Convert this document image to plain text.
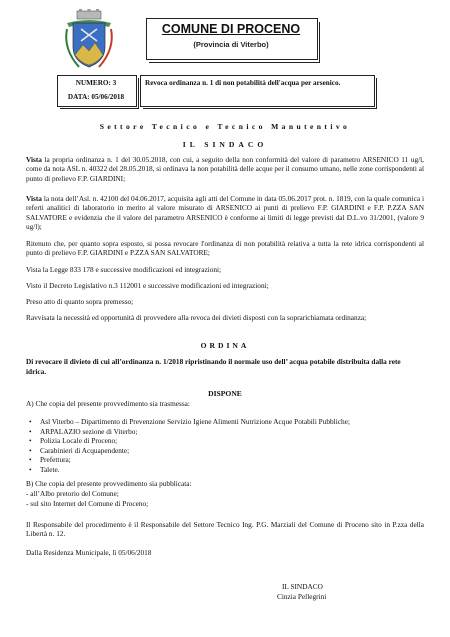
COMUNE DI PROCENO
(Provincia di Viterbo)
NUMERO: 3
DATA: 05/06/2018
Revoca ordinanza n. 1 di non potabilità dell'acqua per arsenico.
Settore Tecnico e Tecnico Manutentivo
IL SINDACO
Vista la propria ordinanza n. 1 del 30.05.2018, con cui, a seguito della non conformità del valore di parametro ARSENICO 11 ug/l, come da nota ASL n. 40322 del 28.05.2018, si ordinava la non potabilità delle acque per il consumo umano, nelle zone corrispondenti al punto di prelievo F.P. GIARDINI;
Vista la nota dell’Asl. n. 42100 del 04.06.2017, acquisita agli atti del Comune in data 05.06.2017 prot. n. 1819, con la quale comunica i referti analitici di laboratorio in merito al valore misurato di ARSENICO ai punti di prelievo F.P. GIARDINI e F.P. P.ZZA SAN SALVATORE e evidenzia che il valore del parametro ARSENICO è conforme ai limiti di legge previsti dal D.L.vo 31/2001, (valore 9 ug/l);
Ritenuto che, per quanto sopra esposto, si possa revocare l'ordinanza di non potabilità relativa a tutta la rete idrica corrispondenti al punto di prelievo F.P. GIARDINI e P.ZZA SAN SALVATORE;
Vista la Legge 833 178 e successive modificazioni ed integrazioni;
Visto il Decreto Legislativo n.3 112001 e successive modificazioni ed integrazioni;
Preso atto di quanto sopra premesso;
Ravvisata la necessità ed opportunità di provvedere alla revoca dei divieti disposti con la soprarichiamata ordinanza;
ORDINA
Di revocare il divieto di cui all’ordinanza n. 1/2018 ripristinando il normale uso dell’ acqua potabile distribuita dalla rete idrica.
DISPONE
A) Che copia del presente provvedimento sia trasmessa:
• Asl Viterbo – Dipartimento di Prevenzione Servizio Igiene Alimenti Nutrizione Acque Potabili Pubbliche;
• ARPALAZIO sezione di Viterbo;
• Polizia Locale di Proceno;
• Carabinieri di Acquapendente;
• Prefettura;
• Talete.
B) Che copia del presente provvedimento sia pubblicata:
- all’Albo pretorio del Comune;
- sul sito Internet del Comune di Proceno;
Il Responsabile del procedimento è il Responsabile del Settore Tecnico Ing. P.G. Marziali del Comune di Proceno sito in P.zza della Libertà n. 12.
Dalla Residenza Municipale, lì 05/06/2018
IL SINDACO
Cinzia Pellegrini
